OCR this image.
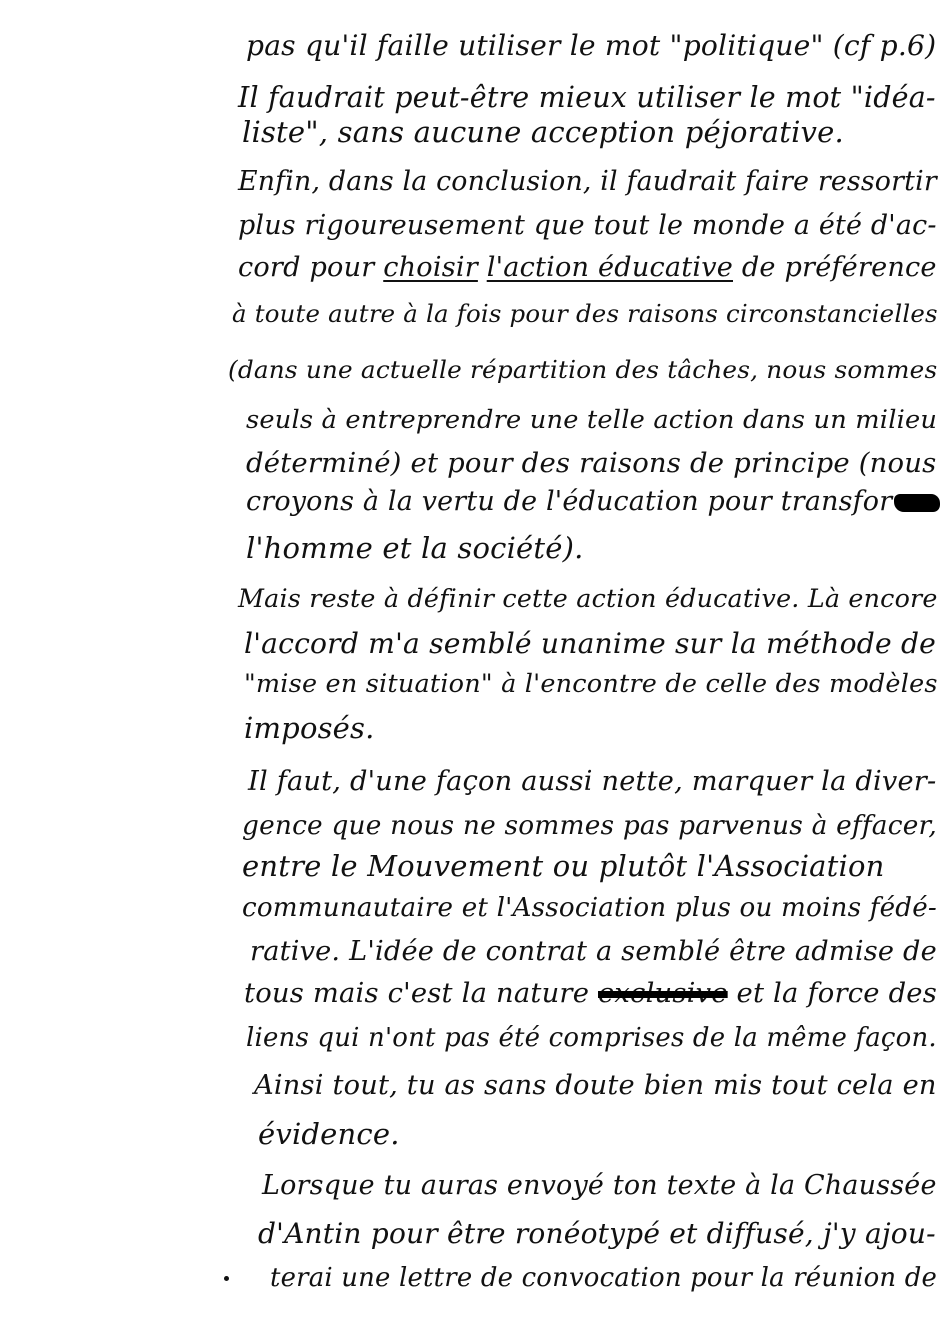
pas qu'il faille utiliser le mot "politique" (cf p.6)
Il faudrait peut-être mieux utiliser le mot "idéa-
liste", sans aucune acception péjorative.
Enfin, dans la conclusion, il faudrait faire ressortir
plus rigoureusement que tout le monde a été d'ac-
cord pour choisir l'action éducative de préférence
à toute autre à la fois pour des raisons circonstancielles
(dans une actuelle répartition des tâches, nous sommes
seuls à entreprendre une telle action dans un milieu
déterminé) et pour des raisons de principe (nous
croyons à la vertu de l'éducation pour transfor
l'homme et la société).
Mais reste à définir cette action éducative. Là encore
l'accord m'a semblé unanime sur la méthode de
"mise en situation" à l'encontre de celle des modèles
imposés.
Il faut, d'une façon aussi nette, marquer la diver-
gence que nous ne sommes pas parvenus à effacer,
entre le Mouvement ou plutôt l'Association
communautaire et l'Association plus ou moins fédé-
rative. L'idée de contrat a semblé être admise de
tous mais c'est la nature exclusive et la force des
liens qui n'ont pas été comprises de la même façon.
Ainsi tout, tu as sans doute bien mis tout cela en
évidence.
Lorsque tu auras envoyé ton texte à la Chaussée
d'Antin pour être ronéotypé et diffusé, j'y ajou-
terai une lettre de convocation pour la réunion de
